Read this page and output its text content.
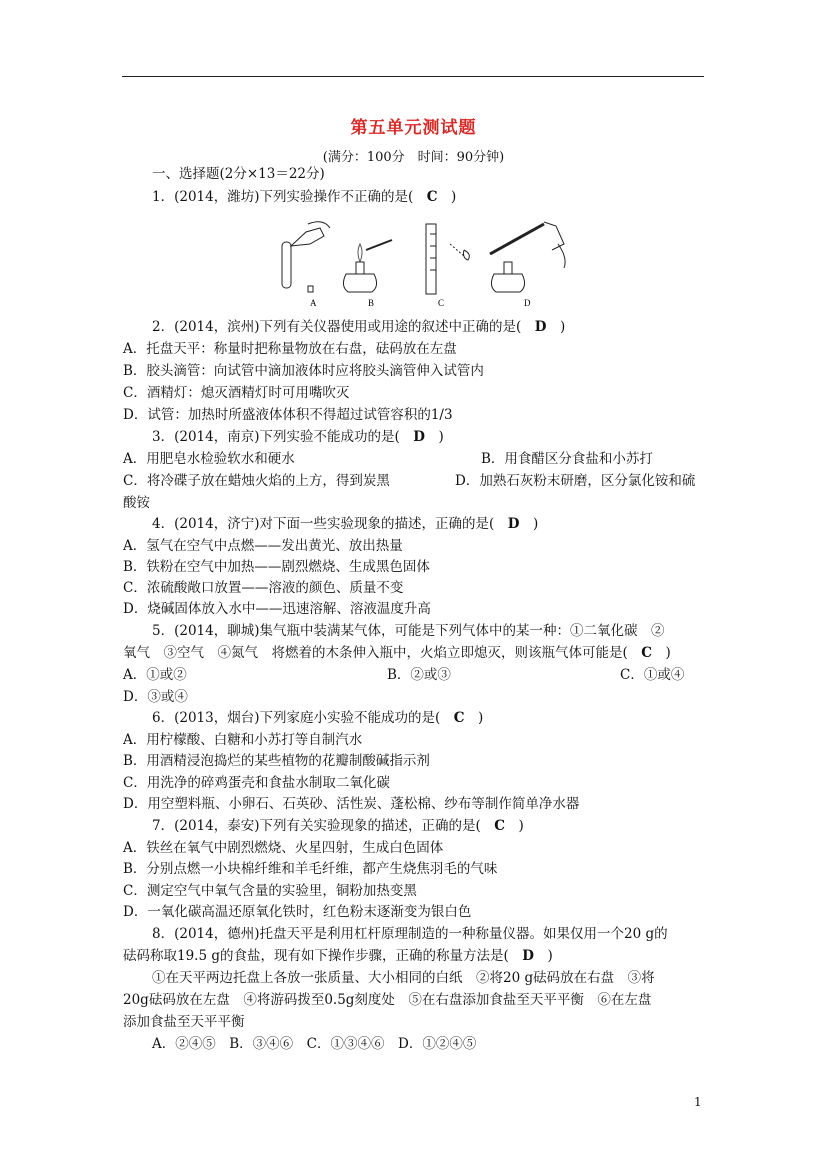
第五单元测试题
(满分：100分　时间：90分钟)
一、选择题(2分×13＝22分)
1．(2014，潍坊)下列实验操作不正确的是(　C　)
A	B	C	D
2．(2014，滨州)下列有关仪器使用或用途的叙述中正确的是(　D　)
A．托盘天平：称量时把称量物放在右盘，砝码放在左盘
B．胶头滴管：向试管中滴加液体时应将胶头滴管伸入试管内
C．酒精灯：熄灭酒精灯时可用嘴吹灭
D．试管：加热时所盛液体体积不得超过试管容积的1/3
3．(2014，南京)下列实验不能成功的是(　D　)
A．用肥皂水检验软水和硬水	B．用食醋区分食盐和小苏打
C．将冷碟子放在蜡烛火焰的上方，得到炭黑	D．加熟石灰粉末研磨，区分氯化铵和硫
酸铵
4．(2014，济宁)对下面一些实验现象的描述，正确的是(　D　)
A．氢气在空气中点燃——发出黄光、放出热量
B．铁粉在空气中加热——剧烈燃烧、生成黑色固体
C．浓硫酸敞口放置——溶液的颜色、质量不变
D．烧碱固体放入水中——迅速溶解、溶液温度升高
5．(2014，聊城)集气瓶中装满某气体，可能是下列气体中的某一种：①二氧化碳　②
氧气　③空气　④氮气　将燃着的木条伸入瓶中，火焰立即熄灭，则该瓶气体可能是(　C　)
A．①或②	B．②或③	C．①或④
D．③或④
6．(2013，烟台)下列家庭小实验不能成功的是(　C　)
A．用柠檬酸、白糖和小苏打等自制汽水
B．用酒精浸泡捣烂的某些植物的花瓣制酸碱指示剂
C．用洗净的碎鸡蛋壳和食盐水制取二氧化碳
D．用空塑料瓶、小卵石、石英砂、活性炭、蓬松棉、纱布等制作简单净水器
7．(2014，泰安)下列有关实验现象的描述，正确的是(　C　)
A．铁丝在氧气中剧烈燃烧、火星四射，生成白色固体
B．分别点燃一小块棉纤维和羊毛纤维，都产生烧焦羽毛的气味
C．测定空气中氧气含量的实验里，铜粉加热变黑
D．一氧化碳高温还原氧化铁时，红色粉末逐渐变为银白色
8．(2014，德州)托盘天平是利用杠杆原理制造的一种称量仪器。如果仅用一个20 g的
砝码称取19.5 g的食盐，现有如下操作步骤，正确的称量方法是(　D　)
①在天平两边托盘上各放一张质量、大小相同的白纸　②将20 g砝码放在右盘　③将
20g砝码放在左盘　④将游码拨至0.5g刻度处　⑤在右盘添加食盐至天平平衡　⑥在左盘
添加食盐至天平平衡
A．②④⑤　B．③④⑥　C．①③④⑥　D．①②④⑤
1
